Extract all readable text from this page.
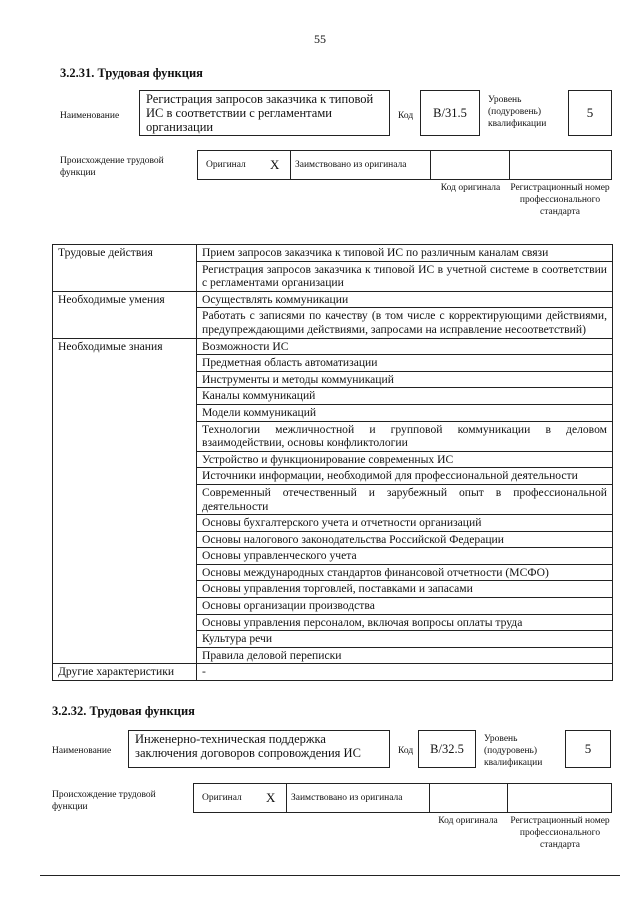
55
3.2.31. Трудовая функция
Наименование
Регистрация запросов заказчика к типовой ИС в соответствии с регламентами организации
Код B/31.5
Уровень (подуровень) квалификации
5
Происхождение трудовой функции
Оригинал X Заимствовано из оригинала
Код оригинала	Регистрационный номер профессионального стандарта
Трудовые действия	Прием запросов заказчика к типовой ИС по различным каналам связи
	Регистрация запросов заказчика к типовой ИС в учетной системе в соответствии с регламентами организации
Необходимые умения	Осуществлять коммуникации
	Работать с записями по качеству (в том числе с корректирующими действиями, предупреждающими действиями, запросами на исправление несоответствий)
Необходимые знания	Возможности ИС
	Предметная область автоматизации
	Инструменты и методы коммуникаций
	Каналы коммуникаций
	Модели коммуникаций
	Технологии межличностной и групповой коммуникации в деловом взаимодействии, основы конфликтологии
	Устройство и функционирование современных ИС
	Источники информации, необходимой для профессиональной деятельности
	Современный отечественный и зарубежный опыт в профессиональной деятельности
	Основы бухгалтерского учета и отчетности организаций
	Основы налогового законодательства Российской Федерации
	Основы управленческого учета
	Основы международных стандартов финансовой отчетности (МСФО)
	Основы управления торговлей, поставками и запасами
	Основы организации производства
	Основы управления персоналом, включая вопросы оплаты труда
	Культура речи
	Правила деловой переписки
Другие характеристики	-
3.2.32. Трудовая функция
Наименование
Инженерно-техническая поддержка заключения договоров сопровождения ИС	Код B/32.5
Уровень (подуровень) квалификации
5
Происхождение трудовой функции
Оригинал X Заимствовано из оригинала
Код оригинала	Регистрационный номер профессионального стандарта
